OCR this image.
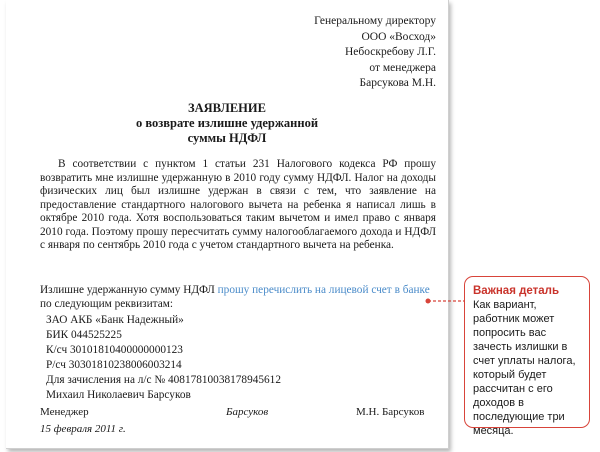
Генеральному директору
ООО «Восход»
Небоскребову Л.Г.
от менеджера
Барсукова М.Н.
ЗАЯВЛЕНИЕ
о возврате излишне удержанной
суммы НДФЛ

В соответствии с пунктом 1 статьи 231 Налогового кодекса РФ прошу возвратить мне излишне удержанную в 2010 году сумму НДФЛ. Налог на доходы физических лиц был излишне удержан в связи с тем, что заявление на предоставление стандартного налогового вычета на ребенка я написал лишь в октябре 2010 года. Хотя воспользоваться таким вычетом и имел право с января 2010 года. Поэтому прошу пересчитать сумму налогооблагаемого дохода и НДФЛ с января по сентябрь 2010 года с учетом стандартного вычета на ребенка.

Излишне удержанную сумму НДФЛ прошу перечислить на лицевой счет в банке по следующим реквизитам:
ЗАО АКБ «Банк Надежный»
БИК 044525225
К/сч 30101810400000000123
Р/сч 30301810238006003214
Для зачисления на л/с № 40817810038178945612
Михаил Николаевич Барсуков
Менеджер	Барсуков	М.Н. Барсуков
15 февраля 2011 г.
Важная деталь
Как вариант, работник может попросить вас зачесть излишки в счет уплаты налога, который будет рассчитан с его доходов в последующие три месяца.
